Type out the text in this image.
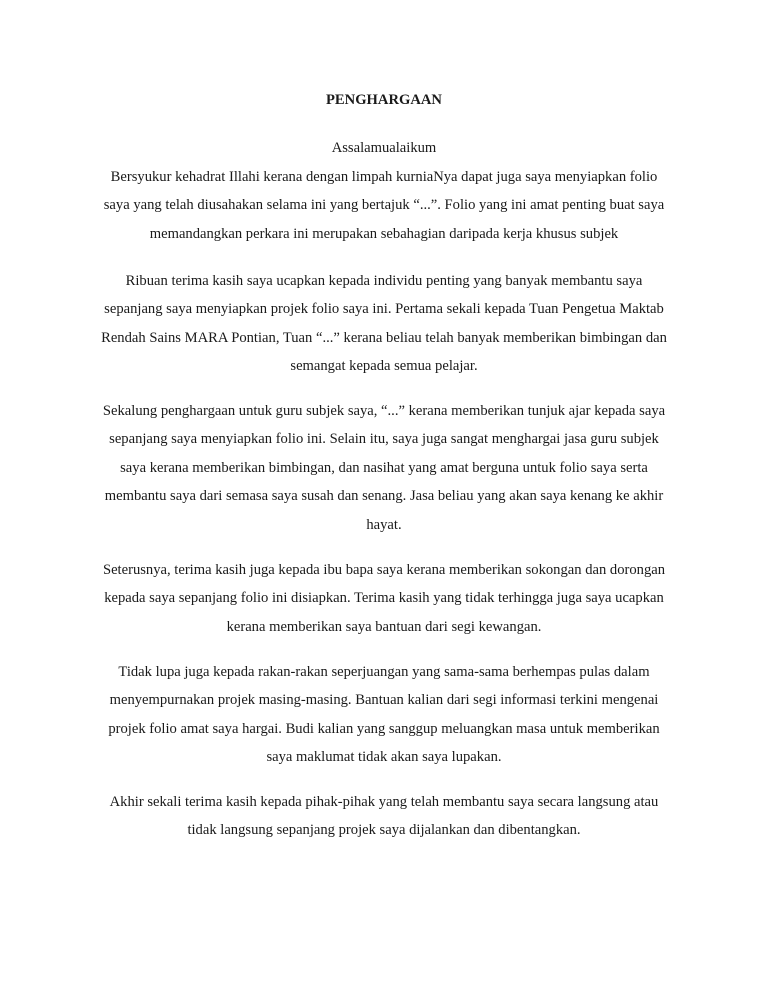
PENGHARGAAN

Assalamualaikum

Bersyukur kehadrat Illahi kerana dengan limpah kurniaNya dapat juga saya menyiapkan folio
saya yang telah diusahakan selama ini yang bertajuk “...”. Folio yang ini amat penting buat saya
memandangkan perkara ini merupakan sebahagian daripada kerja khusus subjek

Ribuan terima kasih saya ucapkan kepada individu penting yang banyak membantu saya
sepanjang saya menyiapkan projek folio saya ini. Pertama sekali kepada Tuan Pengetua Maktab
Rendah Sains MARA Pontian, Tuan “...” kerana beliau telah banyak memberikan bimbingan dan
semangat kepada semua pelajar.

Sekalung penghargaan untuk guru subjek saya, “...” kerana memberikan tunjuk ajar kepada saya
sepanjang saya menyiapkan folio ini. Selain itu, saya juga sangat menghargai jasa guru subjek
saya kerana memberikan bimbingan, dan nasihat yang amat berguna untuk folio saya serta
membantu saya dari semasa saya susah dan senang. Jasa beliau yang akan saya kenang ke akhir
hayat.

Seterusnya, terima kasih juga kepada ibu bapa saya kerana memberikan sokongan dan dorongan
kepada saya sepanjang folio ini disiapkan. Terima kasih yang tidak terhingga juga saya ucapkan
kerana memberikan saya bantuan dari segi kewangan.

Tidak lupa juga kepada rakan-rakan seperjuangan yang sama-sama berhempas pulas dalam
menyempurnakan projek masing-masing. Bantuan kalian dari segi informasi terkini mengenai
projek folio amat saya hargai. Budi kalian yang sanggup meluangkan masa untuk memberikan
saya maklumat tidak akan saya lupakan.

Akhir sekali terima kasih kepada pihak-pihak yang telah membantu saya secara langsung atau
tidak langsung sepanjang projek saya dijalankan dan dibentangkan.
